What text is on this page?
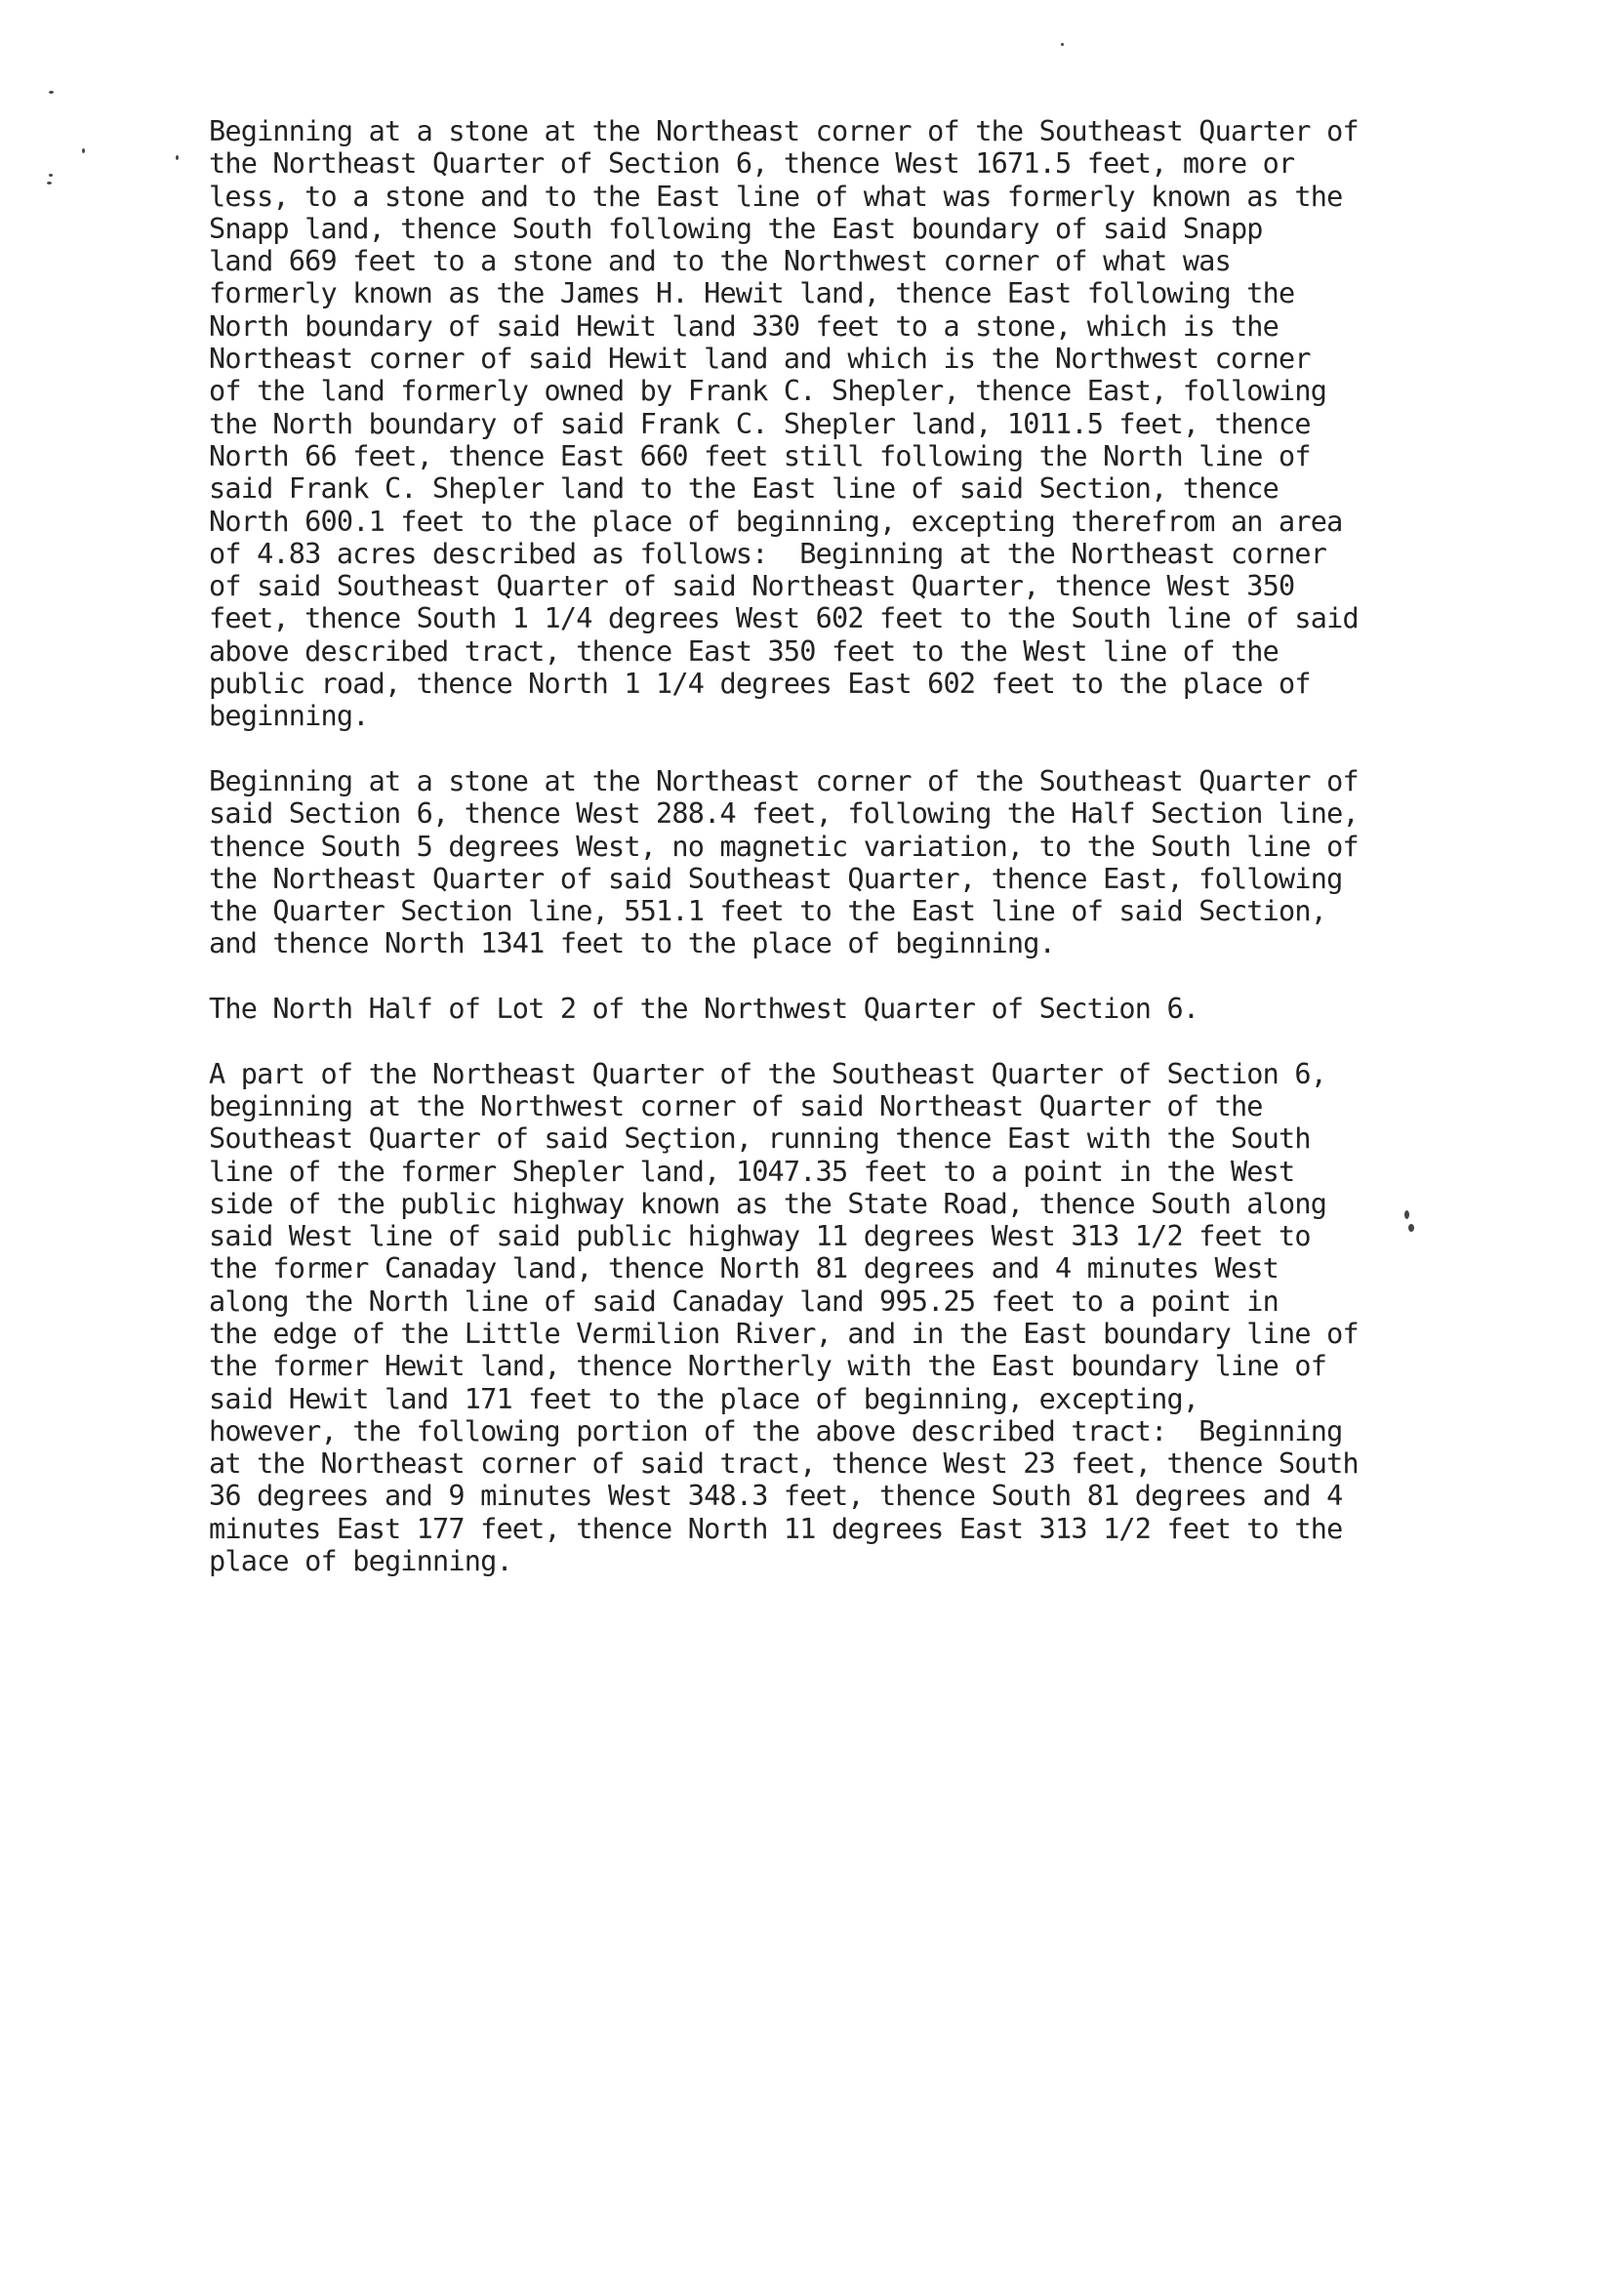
Beginning at a stone at the Northeast corner of the Southeast Quarter of
the Northeast Quarter of Section 6, thence West 1671.5 feet, more or
less, to a stone and to the East line of what was formerly known as the
Snapp land, thence South following the East boundary of said Snapp
land 669 feet to a stone and to the Northwest corner of what was
formerly known as the James H. Hewit land, thence East following the
North boundary of said Hewit land 330 feet to a stone, which is the
Northeast corner of said Hewit land and which is the Northwest corner
of the land formerly owned by Frank C. Shepler, thence East, following
the North boundary of said Frank C. Shepler land, 1011.5 feet, thence
North 66 feet, thence East 660 feet still following the North line of
said Frank C. Shepler land to the East line of said Section, thence
North 600.1 feet to the place of beginning, excepting therefrom an area
of 4.83 acres described as follows:  Beginning at the Northeast corner
of said Southeast Quarter of said Northeast Quarter, thence West 350
feet, thence South 1 1/4 degrees West 602 feet to the South line of said
above described tract, thence East 350 feet to the West line of the
public road, thence North 1 1/4 degrees East 602 feet to the place of
beginning.

Beginning at a stone at the Northeast corner of the Southeast Quarter of
said Section 6, thence West 288.4 feet, following the Half Section line,
thence South 5 degrees West, no magnetic variation, to the South line of
the Northeast Quarter of said Southeast Quarter, thence East, following
the Quarter Section line, 551.1 feet to the East line of said Section,
and thence North 1341 feet to the place of beginning.

The North Half of Lot 2 of the Northwest Quarter of Section 6.

A part of the Northeast Quarter of the Southeast Quarter of Section 6,
beginning at the Northwest corner of said Northeast Quarter of the
Southeast Quarter of said Seçtion, running thence East with the South
line of the former Shepler land, 1047.35 feet to a point in the West
side of the public highway known as the State Road, thence South along
said West line of said public highway 11 degrees West 313 1/2 feet to
the former Canaday land, thence North 81 degrees and 4 minutes West
along the North line of said Canaday land 995.25 feet to a point in
the edge of the Little Vermilion River, and in the East boundary line of
the former Hewit land, thence Northerly with the East boundary line of
said Hewit land 171 feet to the place of beginning, excepting,
however, the following portion of the above described tract:  Beginning
at the Northeast corner of said tract, thence West 23 feet, thence South
36 degrees and 9 minutes West 348.3 feet, thence South 81 degrees and 4
minutes East 177 feet, thence North 11 degrees East 313 1/2 feet to the
place of beginning.
